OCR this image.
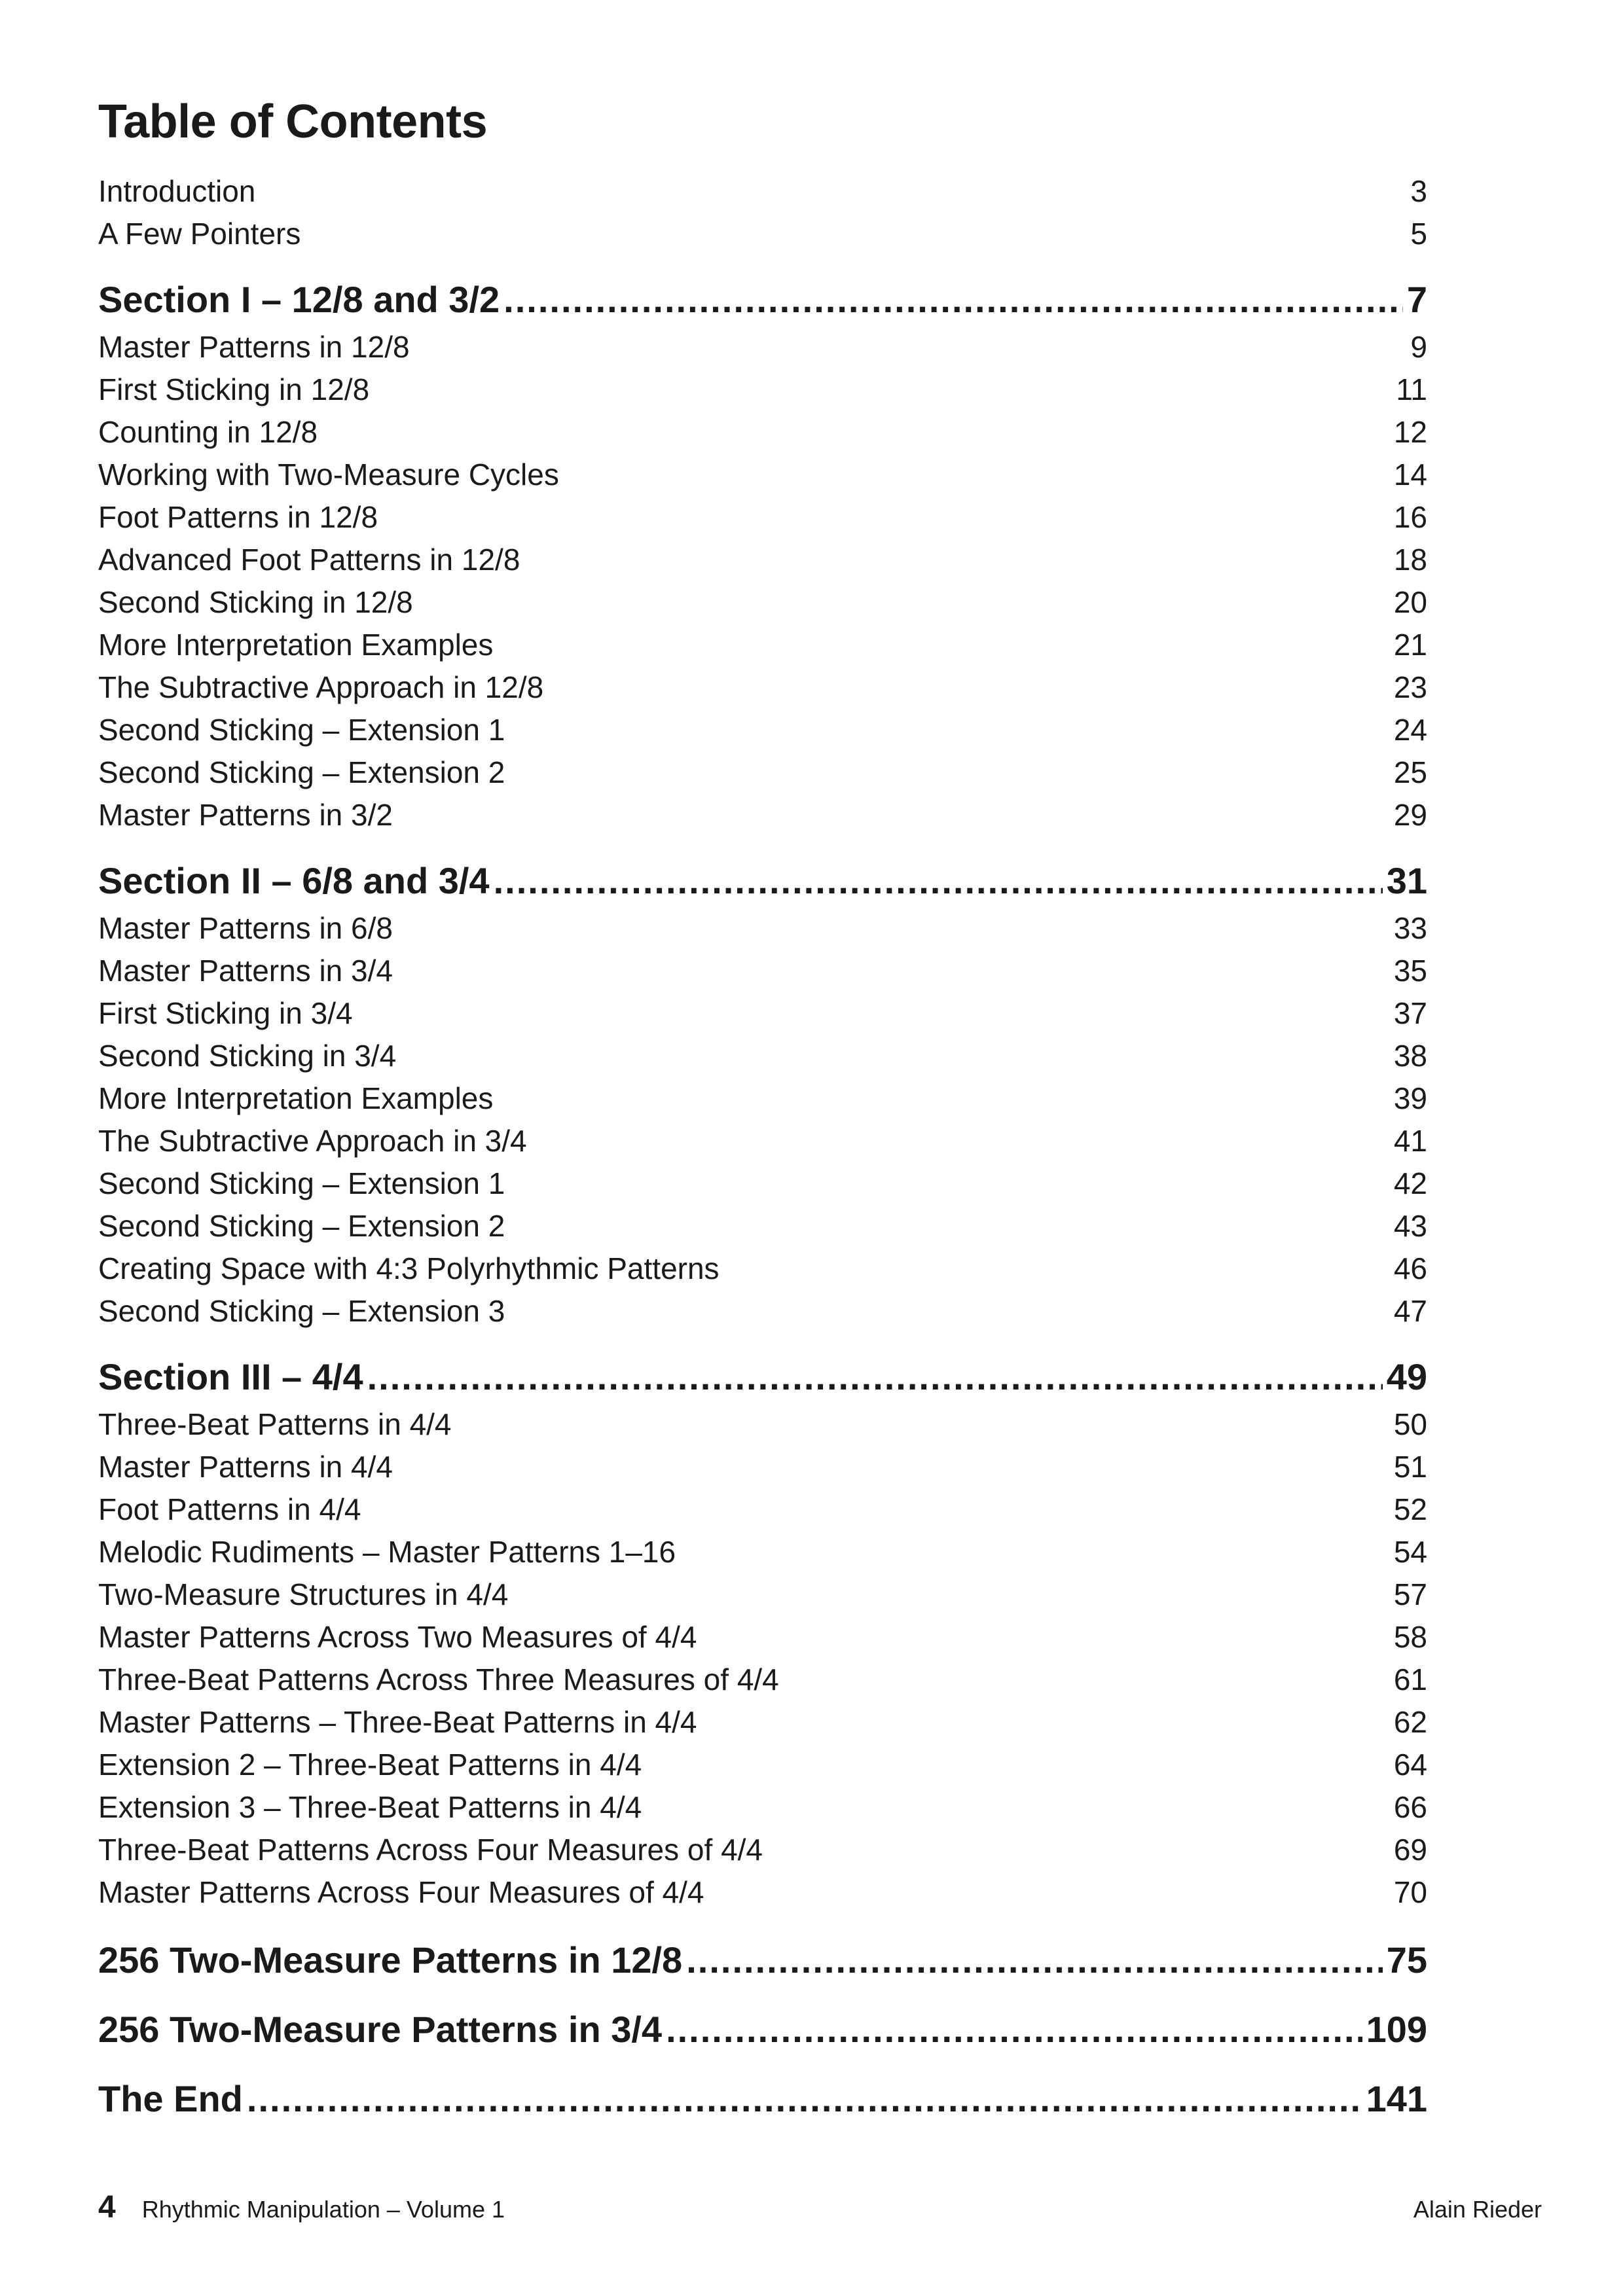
Table of Contents
Introduction	3
A Few Pointers	5
Section I – 12/8 and 3/2 .....	7
Master Patterns in 12/8	9
First Sticking in 12/8	11
Counting in 12/8	12
Working with Two-Measure Cycles	14
Foot Patterns in 12/8	16
Advanced Foot Patterns in 12/8	18
Second Sticking in 12/8	20
More Interpretation Examples	21
The Subtractive Approach in 12/8	23
Second Sticking – Extension 1	24
Second Sticking – Extension 2	25
Master Patterns in 3/2	29
Section II – 6/8 and 3/4 .....	31
Master Patterns in 6/8	33
Master Patterns in 3/4	35
First Sticking in 3/4	37
Second Sticking in 3/4	38
More Interpretation Examples	39
The Subtractive Approach in 3/4	41
Second Sticking – Extension 1	42
Second Sticking – Extension 2	43
Creating Space with 4:3 Polyrhythmic Patterns	46
Second Sticking – Extension 3	47
Section III – 4/4 .....	49
Three-Beat Patterns in 4/4	50
Master Patterns in 4/4	51
Foot Patterns in 4/4	52
Melodic Rudiments – Master Patterns 1–16	54
Two-Measure Structures in 4/4	57
Master Patterns Across Two Measures of 4/4	58
Three-Beat Patterns Across Three Measures of 4/4	61
Master Patterns – Three-Beat Patterns in 4/4	62
Extension 2 – Three-Beat Patterns in 4/4	64
Extension 3 – Three-Beat Patterns in 4/4	66
Three-Beat Patterns Across Four Measures of 4/4	69
Master Patterns Across Four Measures of 4/4	70
256 Two-Measure Patterns in 12/8 .....	75
256 Two-Measure Patterns in 3/4 .....	109
The End .....	141
4 Rhythmic Manipulation – Volume 1	Alain Rieder
